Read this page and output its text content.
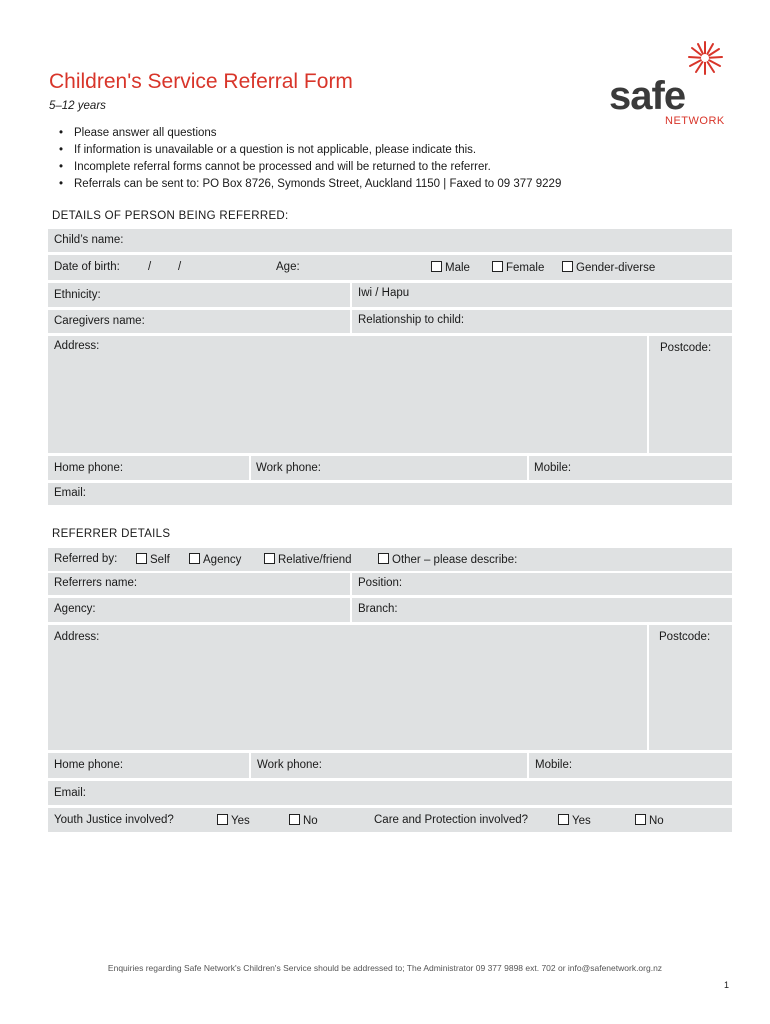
Children's Service Referral Form
5–12 years
• Please answer all questions
• If information is unavailable or a question is not applicable, please indicate this.
• Incomplete referral forms cannot be processed and will be returned to the referrer.
• Referrals can be sent to: PO Box 8726, Symonds Street, Auckland 1150 | Faxed to 09 377 9229
safe
NETWORK
DETAILS OF PERSON BEING REFERRED:
Child’s name:
Date of birth: / /	Age:	Male	Female	Gender-diverse
Ethnicity:	Iwi / Hapu
Caregivers name:	Relationship to child:
Address:	Postcode:
Home phone:	Work phone:	Mobile:
Email:
REFERRER DETAILS
Referred by:	Self	Agency	Relative/friend	Other – please describe:
Referrers name:	Position:
Agency:	Branch:
Address:	Postcode:
Home phone:	Work phone:	Mobile:
Email:
Youth Justice involved?	Yes	No	Care and Protection involved?	Yes	No
Enquiries regarding Safe Network's Children's Service should be addressed to; The Administrator 09 377 9898 ext. 702 or info@safenetwork.org.nz
1
